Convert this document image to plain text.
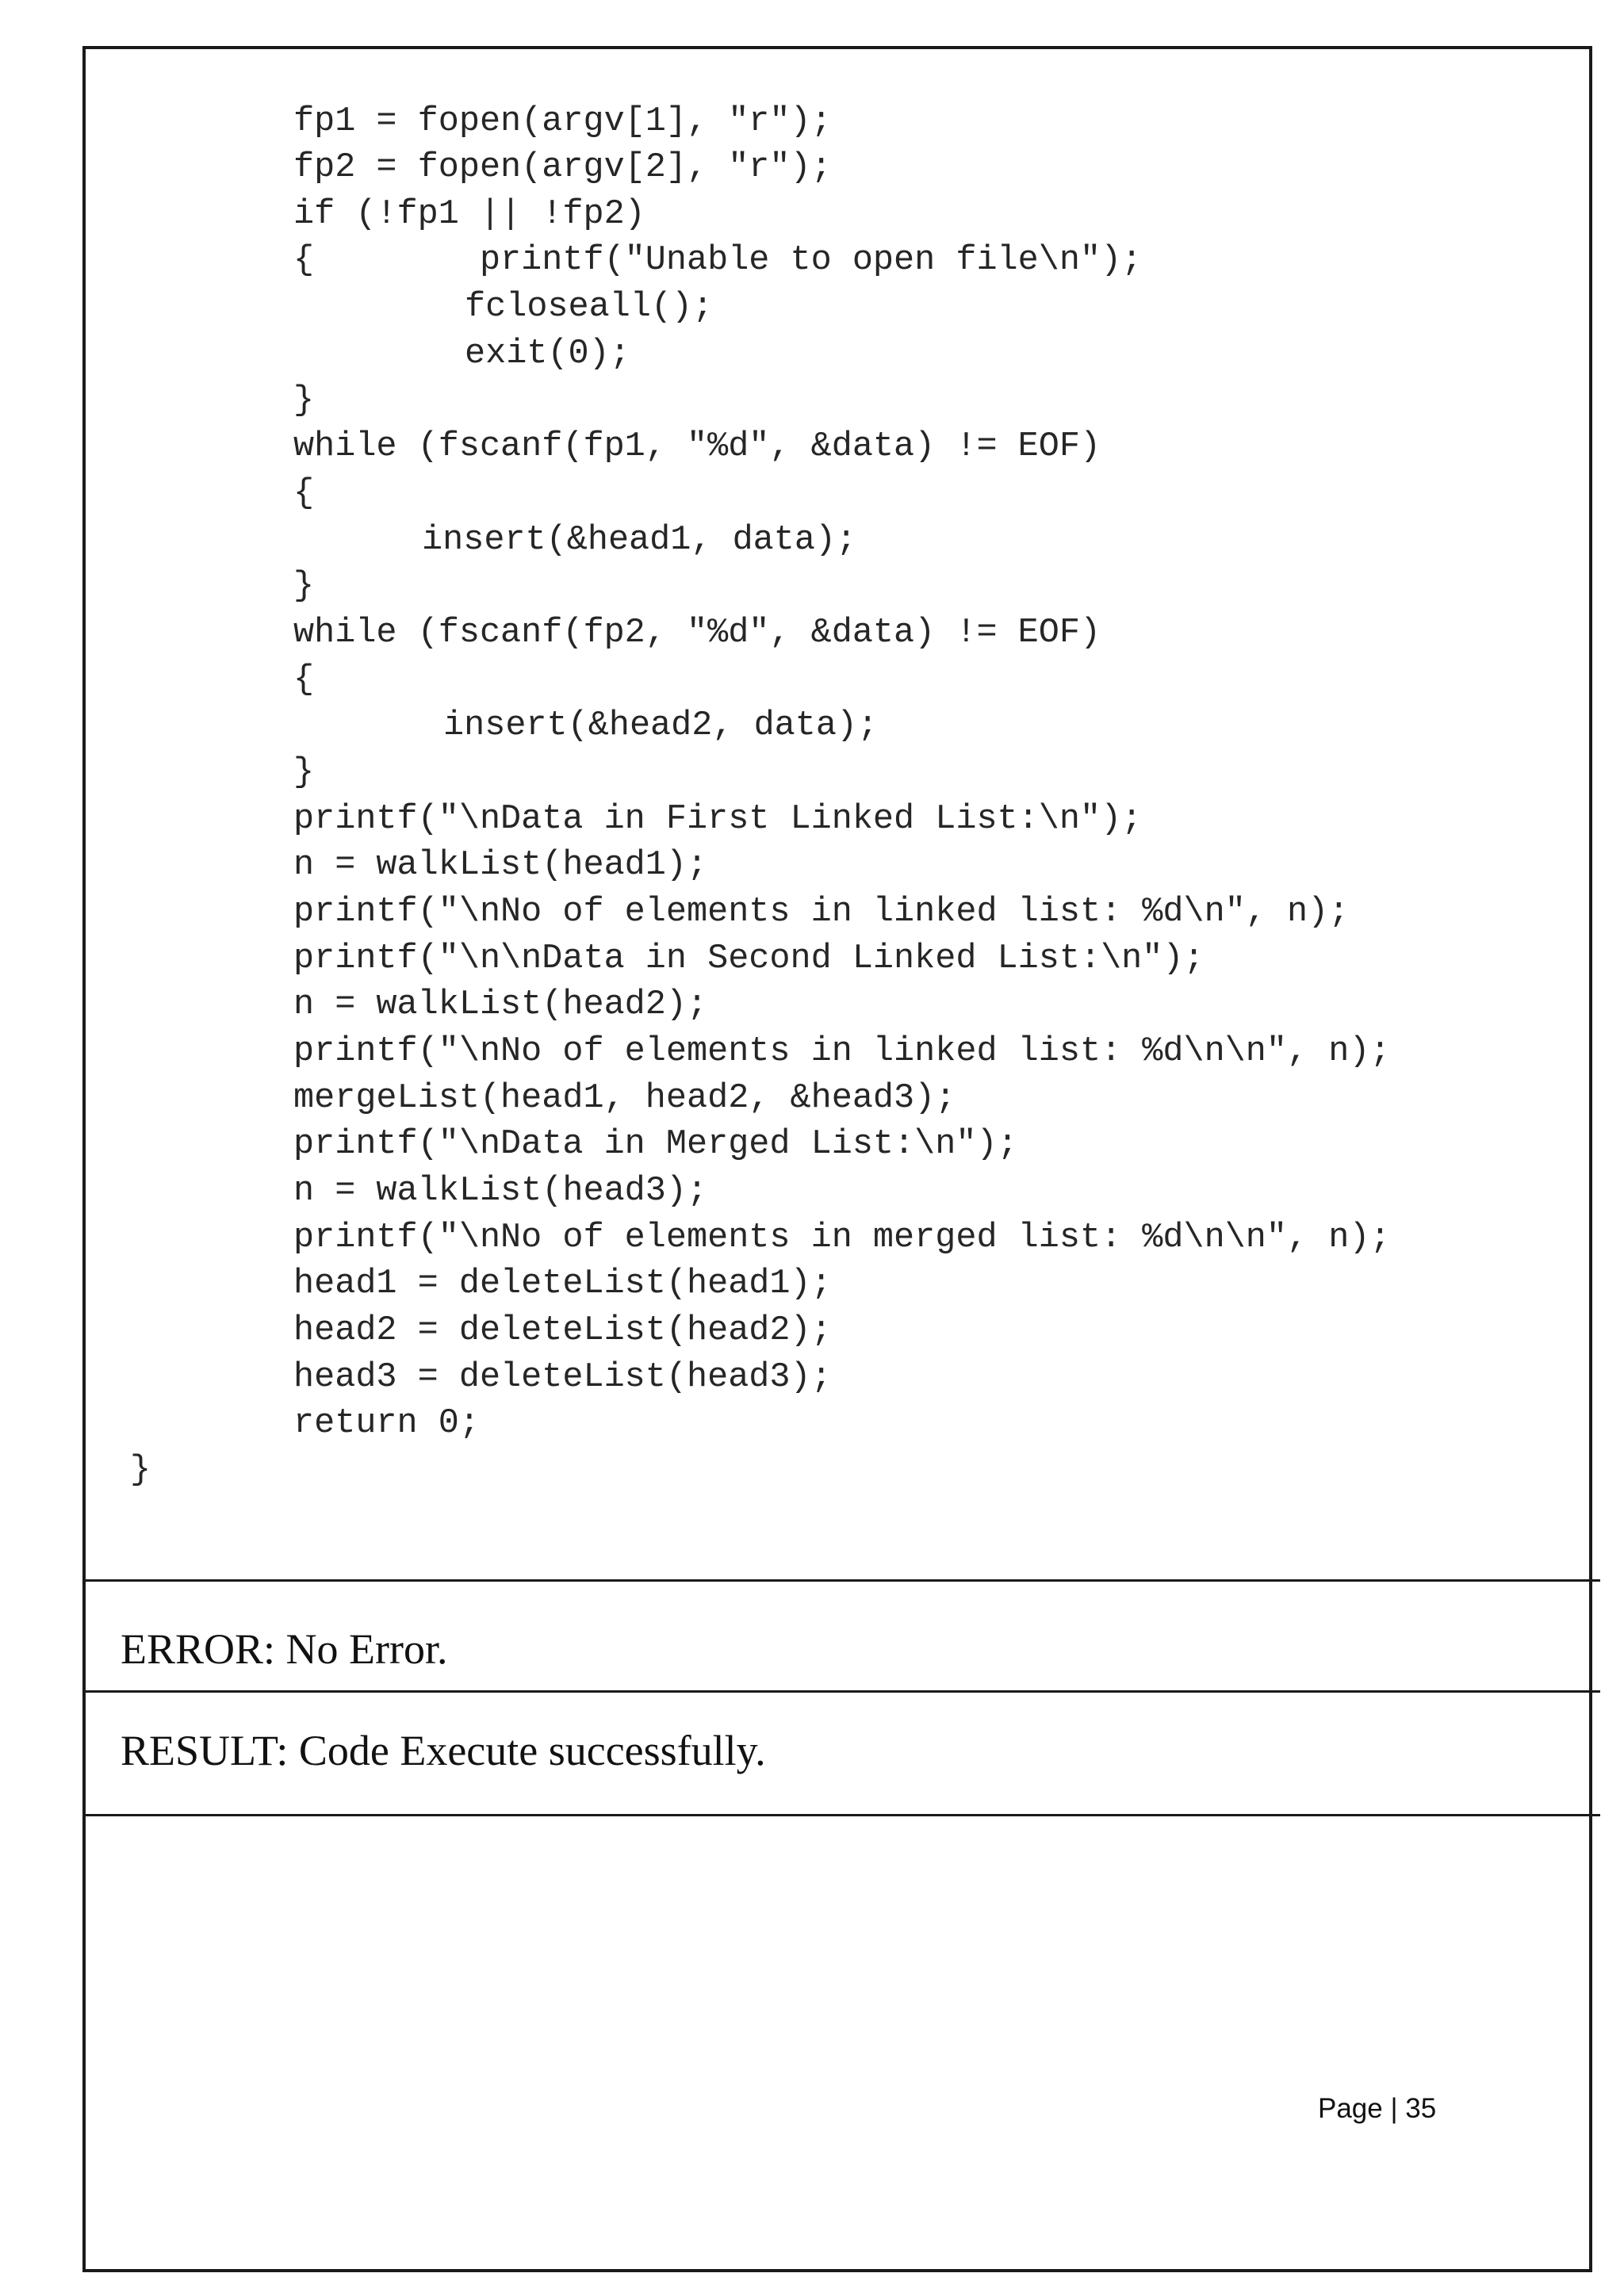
fp1 = fopen(argv[1], "r");
fp2 = fopen(argv[2], "r");
if (!fp1 || !fp2)
{        printf("Unable to open file\n");
fcloseall();
exit(0);
}
while (fscanf(fp1, "%d", &data) != EOF)
{
insert(&head1, data);
}
while (fscanf(fp2, "%d", &data) != EOF)
{
insert(&head2, data);
}
printf("\nData in First Linked List:\n");
n = walkList(head1);
printf("\nNo of elements in linked list: %d\n", n);
printf("\n\nData in Second Linked List:\n");
n = walkList(head2);
printf("\nNo of elements in linked list: %d\n\n", n);
mergeList(head1, head2, &head3);
printf("\nData in Merged List:\n");
n = walkList(head3);
printf("\nNo of elements in merged list: %d\n\n", n);
head1 = deleteList(head1);
head2 = deleteList(head2);
head3 = deleteList(head3);
return 0;
}
ERROR: No Error.
RESULT: Code Execute successfully.
Page | 35
